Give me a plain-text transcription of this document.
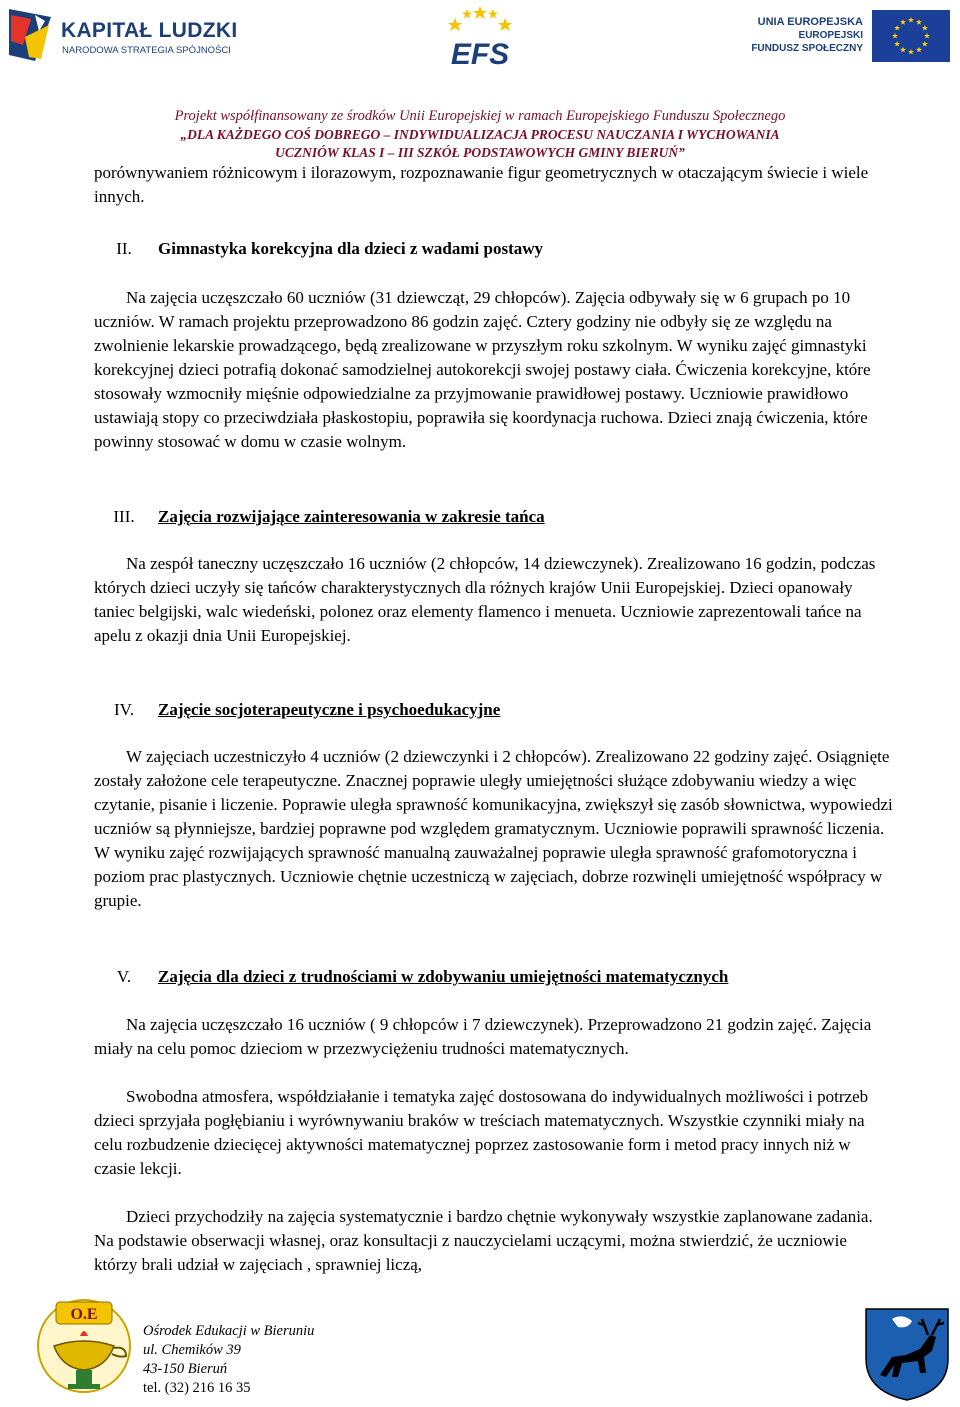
KAPITAŁ LUDZKI
NARODOWA STRATEGIA SPÓJNOŚCI	EFS
UNIA EUROPEJSKA
EUROPEJSKI
FUNDUSZ SPOŁECZNY
Projekt współfinansowany ze środków Unii Europejskiej w ramach Europejskiego Funduszu Społecznego
„DLA KAŻDEGO COŚ DOBREGO – INDYWIDUALIZACJA PROCESU NAUCZANIA I WYCHOWANIA
UCZNIÓW KLAS I – III SZKÓŁ PODSTAWOWYCH GMINY BIERUŃ”

porównywaniem różnicowym i ilorazowym, rozpoznawanie figur geometrycznych w otaczającym świecie i wiele innych.

II.	Gimnastyka korekcyjna dla dzieci z wadami postawy

Na zajęcia uczęszczało 60 uczniów (31 dziewcząt, 29 chłopców). Zajęcia odbywały się w 6 grupach po 10 uczniów. W ramach projektu przeprowadzono 86 godzin zajęć. Cztery godziny nie odbyły się ze względu na zwolnienie lekarskie prowadzącego, będą zrealizowane w przyszłym roku szkolnym. W wyniku zajęć gimnastyki korekcyjnej dzieci potrafią dokonać samodzielnej autokorekcji swojej postawy ciała. Ćwiczenia korekcyjne, które stosowały wzmocniły mięśnie odpowiedzialne za przyjmowanie prawidłowej postawy. Uczniowie prawidłowo ustawiają stopy co przeciwdziała płaskostopiu, poprawiła się koordynacja ruchowa. Dzieci znają ćwiczenia, które powinny stosować w domu w czasie wolnym.

III.	Zajęcia rozwijające zainteresowania w zakresie tańca

Na zespół taneczny uczęszczało 16 uczniów (2 chłopców, 14 dziewczynek). Zrealizowano 16 godzin, podczas których dzieci uczyły się tańców charakterystycznych dla różnych krajów Unii Europejskiej. Dzieci opanowały taniec belgijski, walc wiedeński, polonez oraz elementy flamenco i menueta. Uczniowie zaprezentowali tańce na apelu z okazji dnia Unii Europejskiej.

IV.	Zajęcie socjoterapeutyczne i psychoedukacyjne

W zajęciach uczestniczyło 4 uczniów (2 dziewczynki i 2 chłopców). Zrealizowano 22 godziny zajęć. Osiągnięte zostały założone cele terapeutyczne. Znacznej poprawie uległy umiejętności służące zdobywaniu wiedzy a więc czytanie, pisanie i liczenie. Poprawie uległa sprawność komunikacyjna, zwiększył się zasób słownictwa, wypowiedzi uczniów są płynniejsze, bardziej poprawne pod względem gramatycznym. Uczniowie poprawili sprawność liczenia. W wyniku zajęć rozwijających sprawność manualną zauważalnej poprawie uległa sprawność grafomotoryczna i poziom prac plastycznych. Uczniowie chętnie uczestniczą w zajęciach, dobrze rozwinęli umiejętność współpracy w grupie.

V.	Zajęcia dla dzieci z trudnościami w zdobywaniu umiejętności matematycznych

Na zajęcia uczęszczało 16 uczniów ( 9 chłopców i 7 dziewczynek). Przeprowadzono 21 godzin zajęć. Zajęcia miały na celu pomoc dzieciom w przezwyciężeniu trudności matematycznych.

Swobodna atmosfera, współdziałanie i tematyka zajęć dostosowana do indywidualnych możliwości i potrzeb dzieci sprzyjała pogłębianiu i wyrównywaniu braków w treściach matematycznych. Wszystkie czynniki miały na celu rozbudzenie dziecięcej aktywności matematycznej poprzez zastosowanie form i metod pracy innych niż w czasie lekcji.

Dzieci przychodziły na zajęcia systematycznie i bardzo chętnie wykonywały wszystkie zaplanowane zadania. Na podstawie obserwacji własnej, oraz konsultacji z nauczycielami uczącymi, można stwierdzić, że uczniowie którzy brali udział w zajęciach , sprawniej liczą,

O.E
Ośrodek Edukacji w Bieruniu
ul. Chemików 39
43-150 Bieruń
tel. (32) 216 16 35
